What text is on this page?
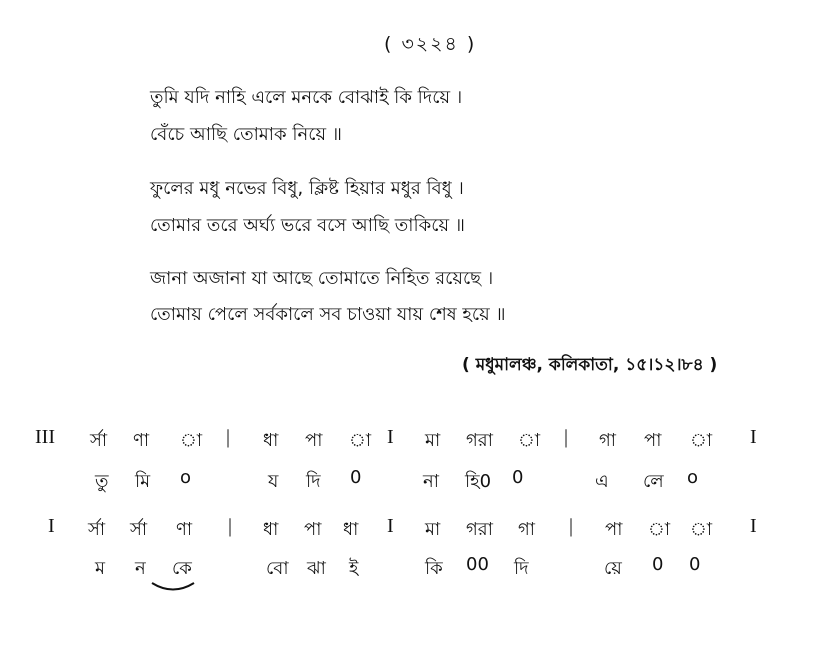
( ৩২২৪ )
তুমি যদি নাহি এলে মনকে বোঝাই কি দিয়ে ।
বেঁচে আছি তোমাক নিয়ে ॥
ফুলের মধু নভের বিধু, ক্লিষ্ট হিয়ার মধুর বিধু ।
তোমার তরে অর্ঘ্য ভরে বসে আছি তাকিয়ে ॥
জানা অজানা যা আছে তোমাতে নিহিত রয়েছে ।
তোমায় পেলে সর্বকালে সব চাওয়া যায় শেষ হয়ে ॥
( মধুমালঞ্চ, কলিকাতা, ১৫।১২।৮৪ )
III র্সা ণা া | ধা পা া I মা গরা া | গা পা া I
তু মি o	য দি 0	না হি0 0	এ লে o
I র্সা র্সা ণা | ধা পা ধা I মা গরা গা | পা া া I
ম ন কে	বো ঝা ই	কি 00 দি	য়ে 0 0
